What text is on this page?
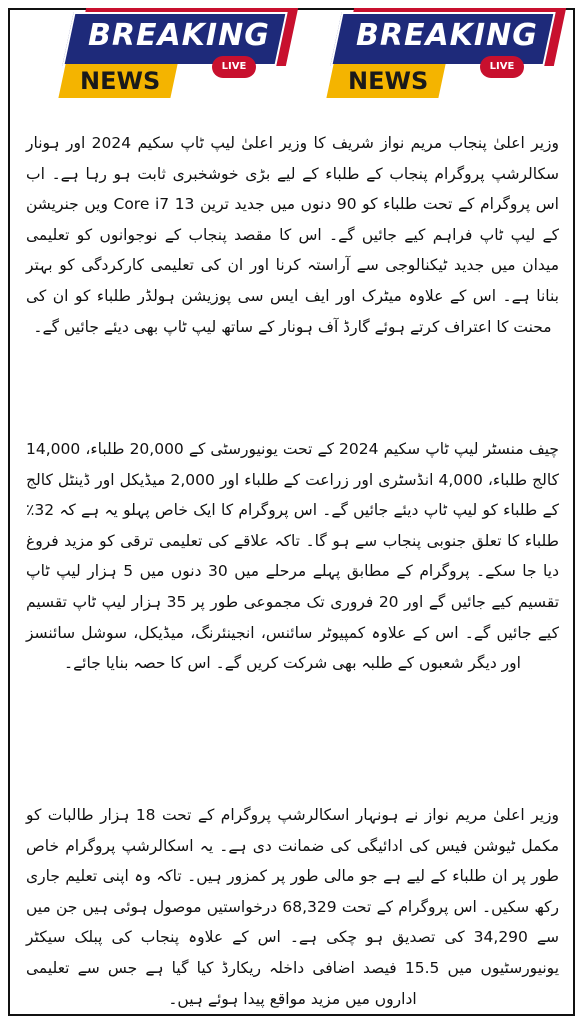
BREAKING
NEWS
LIVE
BREAKING
NEWS
LIVE

وزیر اعلیٰ پنجاب مریم نواز شریف کا وزیر اعلیٰ لیپ ٹاپ سکیم 2024 اور ہونار سکالرشپ پروگرام پنجاب کے طلباء کے لیے بڑی خوشخبری ثابت ہو رہا ہے۔ اب اس پروگرام کے تحت طلباء کو 90 دنوں میں جدید ترین Core i7 13 ویں جنریشن کے لیپ ٹاپ فراہم کیے جائیں گے۔ اس کا مقصد پنجاب کے نوجوانوں کو تعلیمی میدان میں جدید ٹیکنالوجی سے آراستہ کرنا اور ان کی تعلیمی کارکردگی کو بہتر بنانا ہے۔ اس کے علاوہ میٹرک اور ایف ایس سی پوزیشن ہولڈر طلباء کو ان کی محنت کا اعتراف کرتے ہوئے گارڈ آف ہونار کے ساتھ لیپ ٹاپ بھی دیئے جائیں گے۔

چیف منسٹر لیپ ٹاپ سکیم 2024 کے تحت یونیورسٹی کے 20,000 طلباء، 14,000 کالج طلباء، 4,000 انڈسٹری اور زراعت کے طلباء اور 2,000 میڈیکل اور ڈینٹل کالج کے طلباء کو لیپ ٹاپ دیئے جائیں گے۔ اس پروگرام کا ایک خاص پہلو یہ ہے کہ 32٪ طلباء کا تعلق جنوبی پنجاب سے ہو گا۔ تاکہ علاقے کی تعلیمی ترقی کو مزید فروغ دیا جا سکے۔ پروگرام کے مطابق پہلے مرحلے میں 30 دنوں میں 5 ہزار لیپ ٹاپ تقسیم کیے جائیں گے اور 20 فروری تک مجموعی طور پر 35 ہزار لیپ ٹاپ تقسیم کیے جائیں گے۔ اس کے علاوہ کمپیوٹر سائنس، انجینئرنگ، میڈیکل، سوشل سائنسز اور دیگر شعبوں کے طلبہ بھی شرکت کریں گے۔ اس کا حصہ بنایا جائے۔

وزیر اعلیٰ مریم نواز نے ہونہار اسکالرشپ پروگرام کے تحت 18 ہزار طالبات کو مکمل ٹیوشن فیس کی ادائیگی کی ضمانت دی ہے۔ یہ اسکالرشپ پروگرام خاص طور پر ان طلباء کے لیے ہے جو مالی طور پر کمزور ہیں۔ تاکہ وہ اپنی تعلیم جاری رکھ سکیں۔ اس پروگرام کے تحت 68,329 درخواستیں موصول ہوئی ہیں جن میں سے 34,290 کی تصدیق ہو چکی ہے۔ اس کے علاوہ پنجاب کی پبلک سیکٹر یونیورسٹیوں میں 15.5 فیصد اضافی داخلہ ریکارڈ کیا گیا ہے جس سے تعلیمی اداروں میں مزید مواقع پیدا ہوئے ہیں۔
